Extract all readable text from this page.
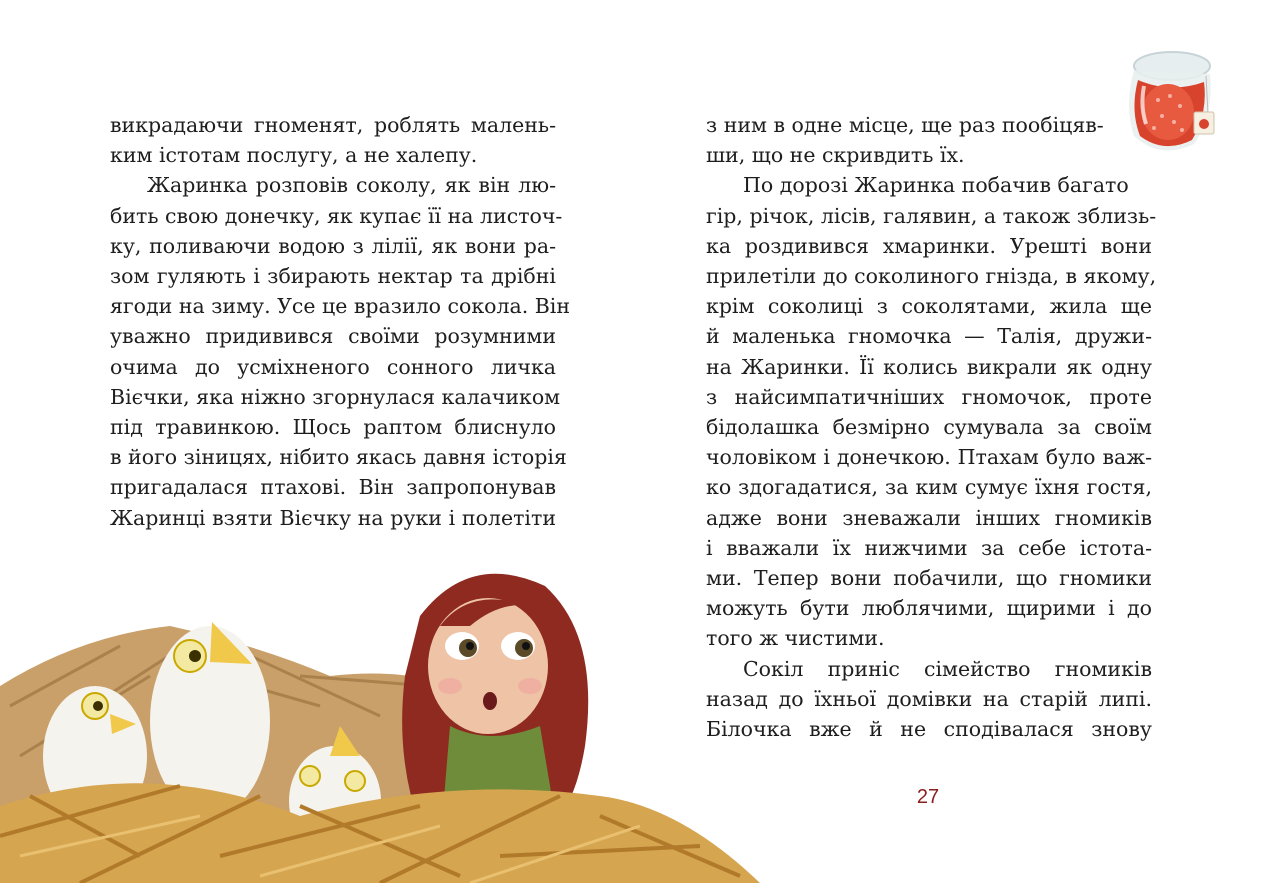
викрадаючи гноменят, роблять малень-

ким істотам послугу, а не халепу.

Жаринка розповів соколу, як він лю-

бить свою донечку, як купає її на листоч-

ку, поливаючи водою з лілії, як вони ра-

зом гуляють і збирають нектар та дрібні

ягоди на зиму. Усе це вразило сокола. Він

уважно придивився своїми розумними

очима до усміхненого сонного личка

Вієчки, яка ніжно згорнулася калачиком

під травинкою. Щось раптом блиснуло

в його зіницях, нібито якась давня історія

пригадалася птахові. Він запропонував

Жаринці взяти Вієчку на руки і полетіти

з ним в одне місце, ще раз пообіцяв-

ши, що не скривдить їх.

По дорозі Жаринка побачив багато

гір, річок, лісів, галявин, а також зблизь-

ка роздивився хмаринки. Урешті вони

прилетіли до соколиного гнізда, в якому,

крім соколиці з соколятами, жила ще

й маленька гномочка — Талія, дружи-

на Жаринки. Її колись викрали як одну

з найсимпатичніших гномочок, проте

бідолашка безмірно сумувала за своїм

чоловіком і донечкою. Птахам було важ-

ко здогадатися, за ким сумує їхня гостя,

адже вони зневажали інших гномиків

і вважали їх нижчими за себе істота-

ми. Тепер вони побачили, що гномики

можуть бути люблячими, щирими і до

того ж чистими.

Сокіл приніс сімейство гномиків

назад до їхньої домівки на старій липі.

Білочка вже й не сподівалася знову

27
